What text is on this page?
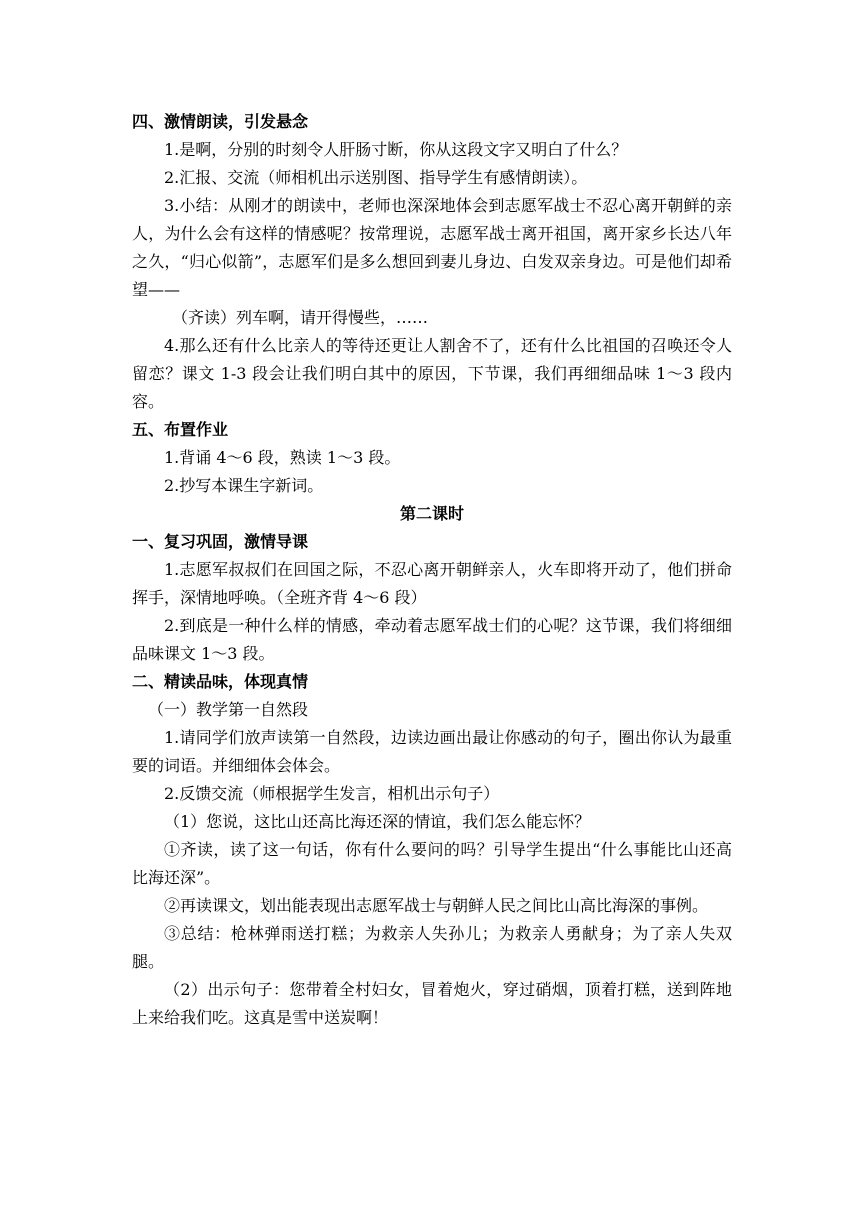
四、激情朗读，引发悬念

1.是啊，分别的时刻令人肝肠寸断，你从这段文字又明白了什么？

2.汇报、交流（师相机出示送别图、指导学生有感情朗读）。

3.小结：从刚才的朗读中，老师也深深地体会到志愿军战士不忍心离开朝鲜的亲人，为什么会有这样的情感呢？按常理说，志愿军战士离开祖国，离开家乡长达八年之久，“归心似箭”，志愿军们是多么想回到妻儿身边、白发双亲身边。可是他们却希望——

（齐读）列车啊，请开得慢些，……

4.那么还有什么比亲人的等待还更让人割舍不了，还有什么比祖国的召唤还令人留恋？课文 1-3 段会让我们明白其中的原因，下节课，我们再细细品味 1～3 段内容。

五、布置作业

1.背诵 4～6 段，熟读 1～3 段。

2.抄写本课生字新词。

第二课时

一、复习巩固，激情导课

1.志愿军叔叔们在回国之际，不忍心离开朝鲜亲人，火车即将开动了，他们拼命挥手，深情地呼唤。（全班齐背 4～6 段）

2.到底是一种什么样的情感，牵动着志愿军战士们的心呢？这节课，我们将细细品味课文 1～3 段。

二、精读品味，体现真情

（一）教学第一自然段

1.请同学们放声读第一自然段，边读边画出最让你感动的句子，圈出你认为最重要的词语。并细细体会体会。

2.反馈交流（师根据学生发言，相机出示句子）

（1）您说，这比山还高比海还深的情谊，我们怎么能忘怀？

①齐读，读了这一句话，你有什么要问的吗？引导学生提出“什么事能比山还高比海还深”。

②再读课文，划出能表现出志愿军战士与朝鲜人民之间比山高比海深的事例。

③总结：枪林弹雨送打糕；为救亲人失孙儿；为救亲人勇献身；为了亲人失双腿。

（2）出示句子：您带着全村妇女，冒着炮火，穿过硝烟，顶着打糕，送到阵地上来给我们吃。这真是雪中送炭啊！
